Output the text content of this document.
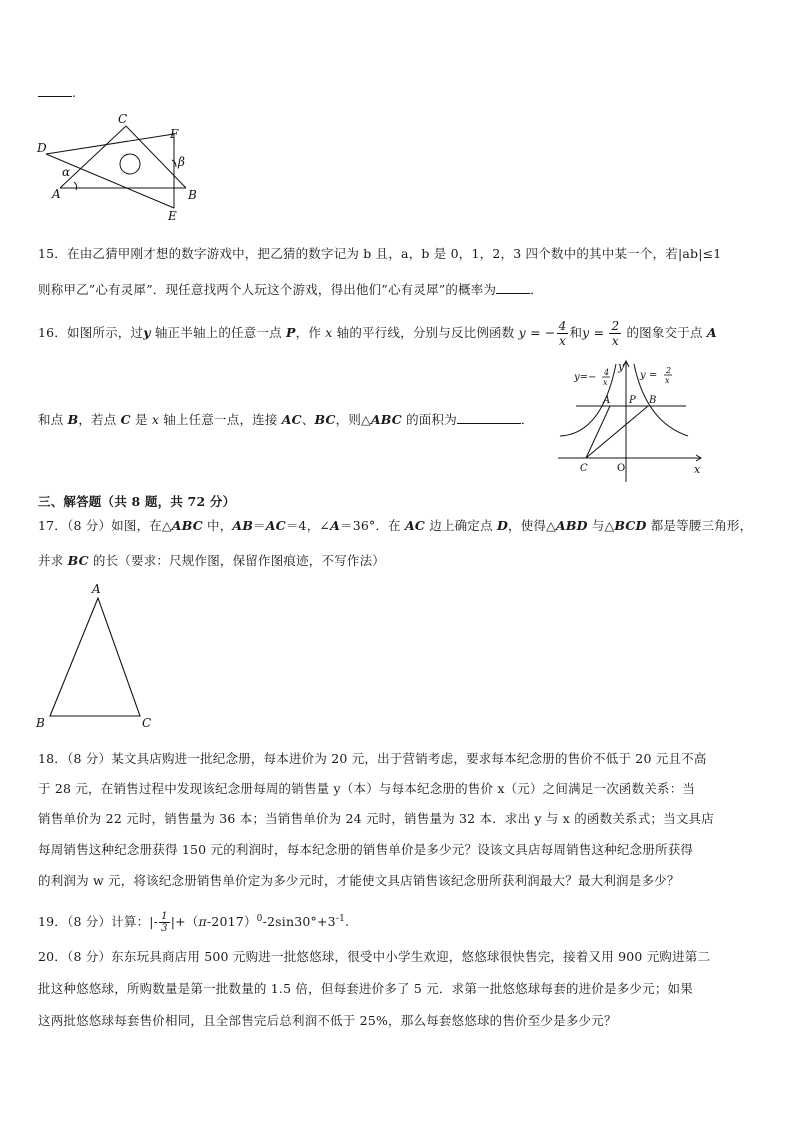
.
C
D
F
α
β
A	B
E
15．在由乙猜甲刚才想的数字游戏中，把乙猜的数字记为 b 且，a，b 是 0，1，2，3 四个数中的其中某一个，若|ab|≤1
则称甲乙”心有灵犀”．现任意找两个人玩这个游戏，得出他们”心有灵犀”的概率为	．
16．如图所示，过y 轴正半轴上的任意一点 P，作 x 轴的平行线，分别与反比例函数 y = − $\frac{4}{x}$ 和$y = \frac{2}{x}$ 的图象交于点 A
和点 B，若点 C 是 x 轴上任意一点，连接 AC、BC，则△ABC 的面积为	．
y=− 4
x
y = 2
x
y
x
A P B
C	O
三、解答题（共 8 题，共 72 分）
17．（8 分）如图，在△ABC 中，AB＝AC＝4，∠A＝36°．在 AC 边上确定点 D，使得△ABD 与△BCD 都是等腰三角形，
并求 BC 的长（要求：尺规作图，保留作图痕迹，不写作法）
A
B	C
18．（8 分）某文具店购进一批纪念册，每本进价为 20 元，出于营销考虑，要求每本纪念册的售价不低于 20 元且不高
于 28 元，在销售过程中发现该纪念册每周的销售量 y（本）与每本纪念册的售价 x（元）之间满足一次函数关系：当
销售单价为 22 元时，销售量为 36 本；当销售单价为 24 元时，销售量为 32 本．求出 y 与 x 的函数关系式；当文具店
每周销售这种纪念册获得 150 元的利润时，每本纪念册的销售单价是多少元？设该文具店每周销售这种纪念册所获得
的利润为 w 元，将该纪念册销售单价定为多少元时，才能使文具店销售该纪念册所获利润最大？最大利润是多少？
19．（8 分）计算：|- $\frac{1}{3} |+(\pi-2017)^0-2\sin 30^\circ+3^{-1}$.
20．（8 分）东东玩具商店用 500 元购进一批悠悠球，很受中小学生欢迎，悠悠球很快售完，接着又用 900 元购进第二
批这种悠悠球，所购数量是第一批数量的 1.5 倍，但每套进价多了 5 元．求第一批悠悠球每套的进价是多少元；如果
这两批悠悠球每套售价相同，且全部售完后总利润不低于 25%，那么每套悠悠球的售价至少是多少元？
